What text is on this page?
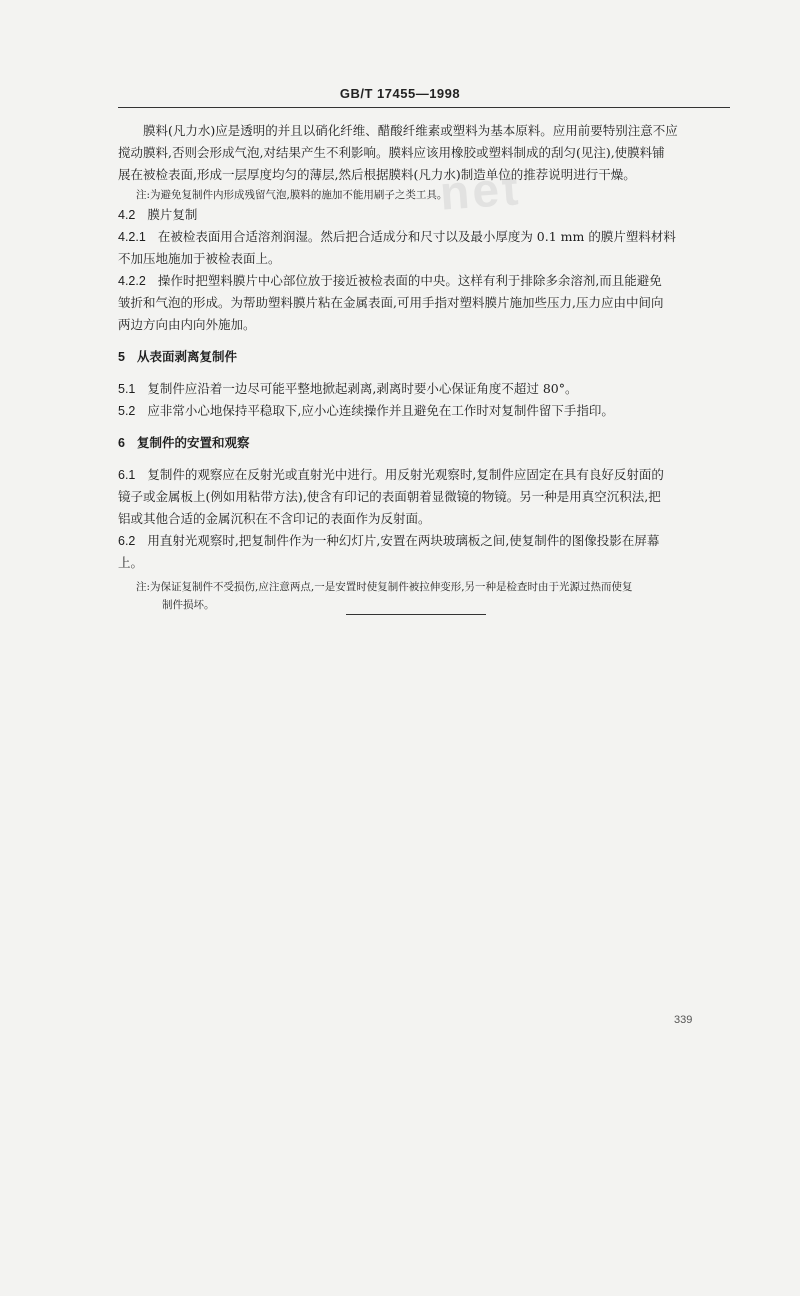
GB/T 17455—1998
net

膜料(凡力水)应是透明的并且以硝化纤维、醋酸纤维素或塑料为基本原料。应用前要特别注意不应

搅动膜料,否则会形成气泡,对结果产生不利影响。膜料应该用橡胶或塑料制成的刮匀(见注),使膜料铺

展在被检表面,形成一层厚度均匀的薄层,然后根据膜料(凡力水)制造单位的推荐说明进行干燥。

注:为避免复制件内形成残留气泡,膜料的施加不能用刷子之类工具。

4.2 膜片复制

4.2.1 在被检表面用合适溶剂润湿。然后把合适成分和尺寸以及最小厚度为 0.1 mm 的膜片塑料材料

不加压地施加于被检表面上。

4.2.2 操作时把塑料膜片中心部位放于接近被检表面的中央。这样有利于排除多余溶剂,而且能避免

皱折和气泡的形成。为帮助塑料膜片粘在金属表面,可用手指对塑料膜片施加些压力,压力应由中间向

两边方向由内向外施加。

5 从表面剥离复制件

5.1 复制件应沿着一边尽可能平整地掀起剥离,剥离时要小心保证角度不超过 80°。

5.2 应非常小心地保持平稳取下,应小心连续操作并且避免在工作时对复制件留下手指印。

6 复制件的安置和观察

6.1 复制件的观察应在反射光或直射光中进行。用反射光观察时,复制件应固定在具有良好反射面的

镜子或金属板上(例如用粘带方法),使含有印记的表面朝着显微镜的物镜。另一种是用真空沉积法,把

铝或其他合适的金属沉积在不含印记的表面作为反射面。

6.2 用直射光观察时,把复制件作为一种幻灯片,安置在两块玻璃板之间,使复制件的图像投影在屏幕

上。

注:为保证复制件不受损伤,应注意两点,一是安置时使复制件被拉伸变形,另一种是检查时由于光源过热而使复

制件损坏。

339
